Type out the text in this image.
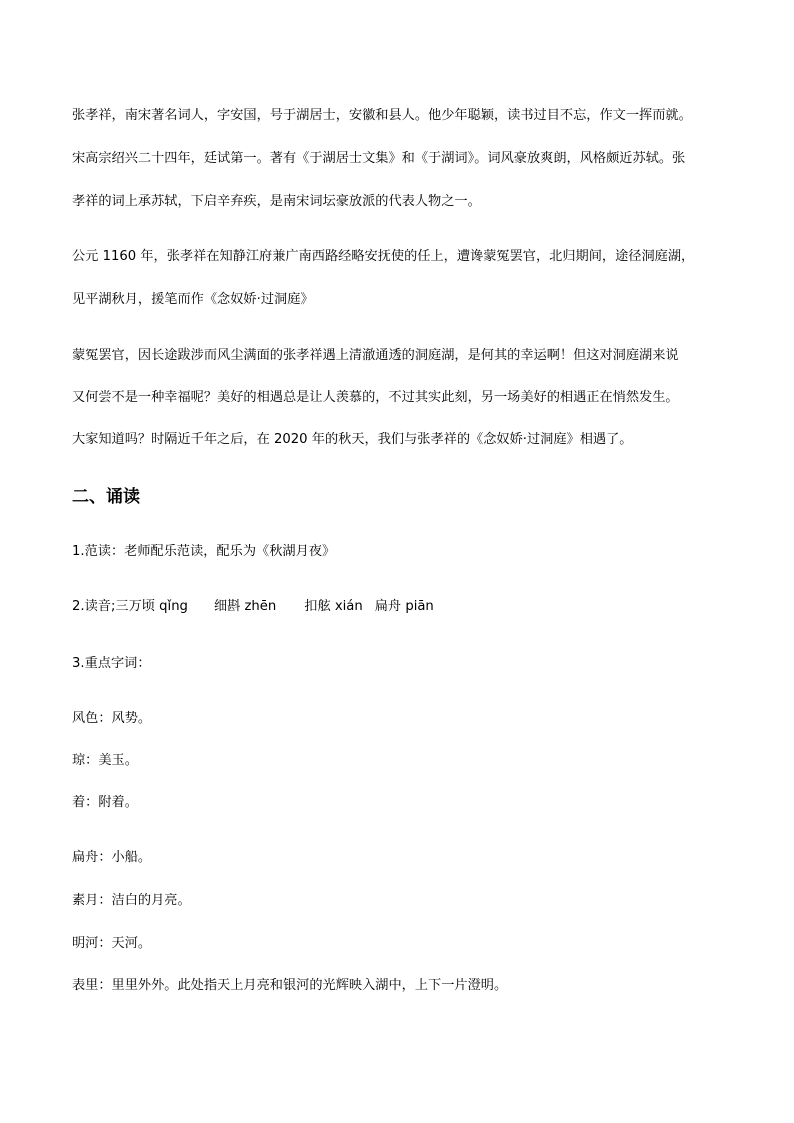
张孝祥，南宋著名词人，字安国，号于湖居士，安徽和县人。他少年聪颖，读书过目不忘，作文一挥而就。
宋高宗绍兴二十四年，廷试第一。著有《于湖居士文集》和《于湖词》。词风豪放爽朗，风格颇近苏轼。张
孝祥的词上承苏轼，下启辛弃疾，是南宋词坛豪放派的代表人物之一。
公元 1160 年，张孝祥在知静江府兼广南西路经略安抚使的任上，遭谗蒙冤罢官，北归期间，途径洞庭湖，
见平湖秋月，援笔而作《念奴娇·过洞庭》
蒙冤罢官，因长途跋涉而风尘满面的张孝祥遇上清澈通透的洞庭湖，是何其的幸运啊！但这对洞庭湖来说
又何尝不是一种幸福呢？美好的相遇总是让人羡慕的，不过其实此刻，另一场美好的相遇正在悄然发生。
大家知道吗？时隔近千年之后，在 2020 年的秋天，我们与张孝祥的《念奴娇·过洞庭》相遇了。
二、诵读
1.范读：老师配乐范读，配乐为《秋湖月夜》
2.读音;三万顷 qǐng 细斟 zhēn 扣舷 xián 扁舟 piān
3.重点字词：
风色：风势。
琼：美玉。
着：附着。
扁舟：小船。
素月：洁白的月亮。
明河：天河。
表里：里里外外。此处指天上月亮和银河的光辉映入湖中，上下一片澄明。
